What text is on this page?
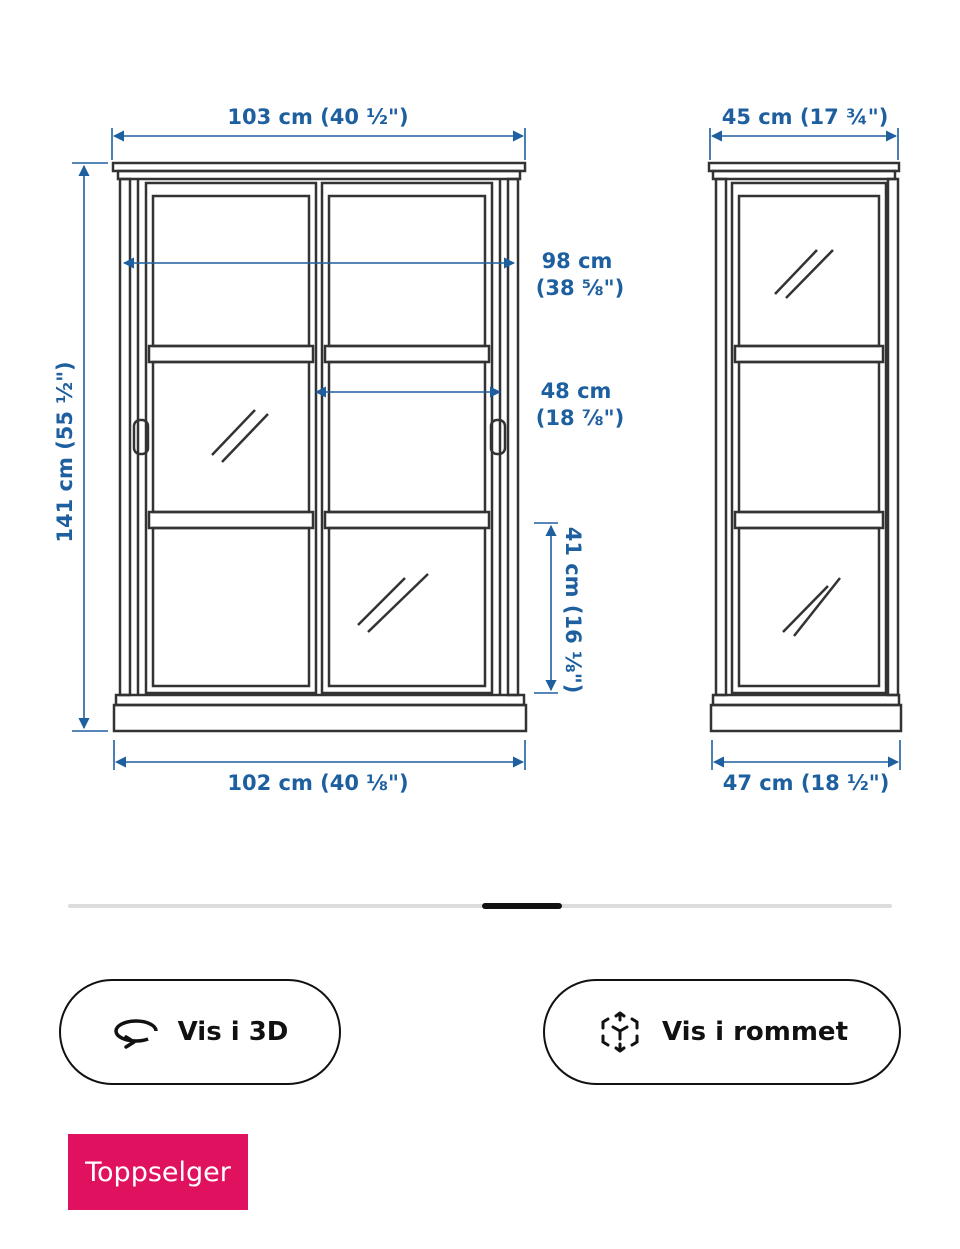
103 cm (40 ½")
102 cm (40 ⅛")
141 cm (55 ½")
98 cm
(38 ⅝")
48 cm
(18 ⅞")
41 cm (16 ⅛")
45 cm (17 ¾")
47 cm (18 ½")
Vis i 3D	Vis i rommet
Toppselger
